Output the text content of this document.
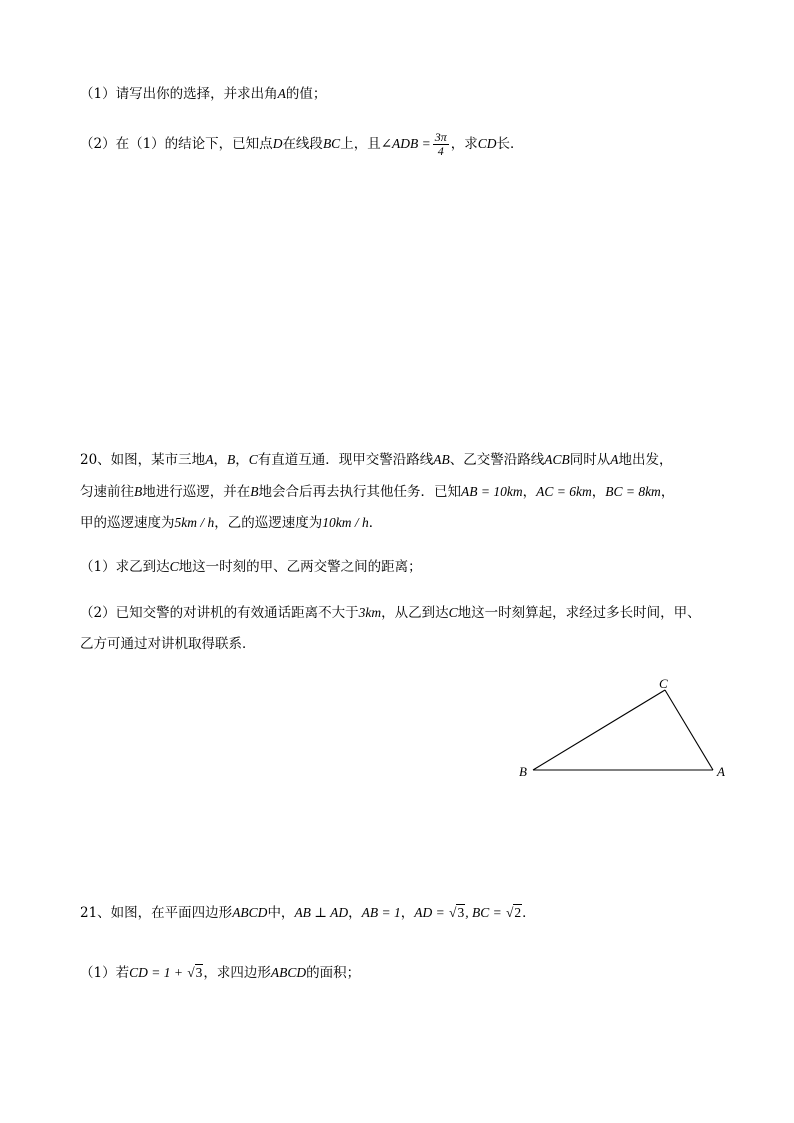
（1）请写出你的选择，并求出角A的值；
（2）在（1）的结论下，已知点D在线段BC上，且∠ADB = $\frac{3\pi}{4}$ ，求CD长．
20、如图，某市三地A，B，C有直道互通．现甲交警沿路线AB、乙交警沿路线ACB同时从A地出发，
匀速前往B地进行巡逻，并在B地会合后再去执行其他任务．已知AB = 10km，AC = 6km，BC = 8km，
甲的巡逻速度为5km / h，乙的巡逻速度为10km / h．
（1）求乙到达C地这一时刻的甲、乙两交警之间的距离；
（2）已知交警的对讲机的有效通话距离不大于3km，从乙到达C地这一时刻算起，求经过多长时间，甲、
乙方可通过对讲机取得联系．
C
B	A
21、如图，在平面四边形ABCD中，AB ⊥ AD，AB = 1，AD = √3, BC = √2．
（1）若CD = 1 + √3，求四边形ABCD的面积；
